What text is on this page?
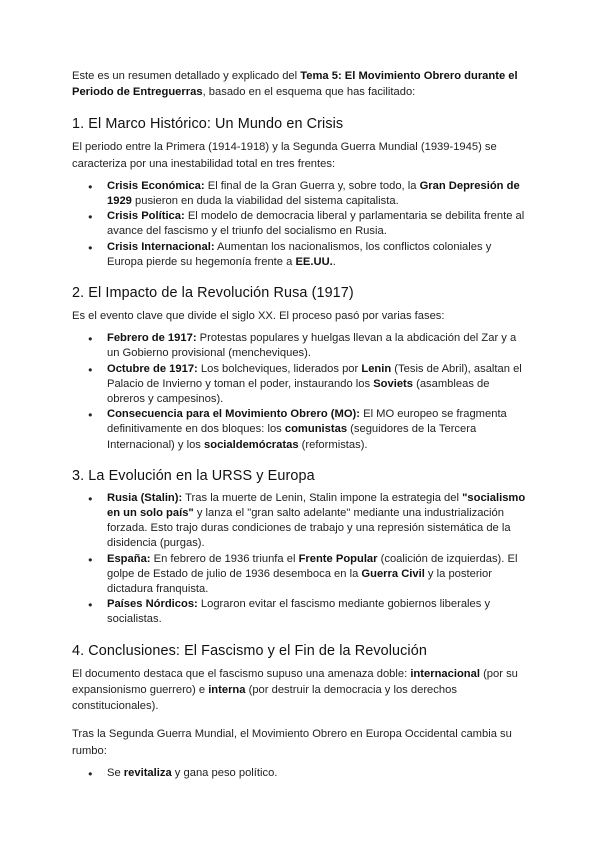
Este es un resumen detallado y explicado del Tema 5: El Movimiento Obrero durante el Periodo de Entreguerras, basado en el esquema que has facilitado:

1. El Marco Histórico: Un Mundo en Crisis

El periodo entre la Primera (1914-1918) y la Segunda Guerra Mundial (1939-1945) se caracteriza por una inestabilidad total en tres frentes:

● Crisis Económica: El final de la Gran Guerra y, sobre todo, la Gran Depresión de 1929 pusieron en duda la viabilidad del sistema capitalista.
● Crisis Política: El modelo de democracia liberal y parlamentaria se debilita frente al avance del fascismo y el triunfo del socialismo en Rusia.
● Crisis Internacional: Aumentan los nacionalismos, los conflictos coloniales y Europa pierde su hegemonía frente a EE.UU..
2. El Impacto de la Revolución Rusa (1917)

Es el evento clave que divide el siglo XX. El proceso pasó por varias fases:

● Febrero de 1917: Protestas populares y huelgas llevan a la abdicación del Zar y a un Gobierno provisional (mencheviques).
● Octubre de 1917: Los bolcheviques, liderados por Lenin (Tesis de Abril), asaltan el Palacio de Invierno y toman el poder, instaurando los Soviets (asambleas de obreros y campesinos).
● Consecuencia para el Movimiento Obrero (MO): El MO europeo se fragmenta definitivamente en dos bloques: los comunistas (seguidores de la Tercera Internacional) y los socialdemócratas (reformistas).
3. La Evolución en la URSS y Europa
● Rusia (Stalin): Tras la muerte de Lenin, Stalin impone la estrategia del "socialismo en un solo país" y lanza el "gran salto adelante" mediante una industrialización forzada. Esto trajo duras condiciones de trabajo y una represión sistemática de la disidencia (purgas).
● España: En febrero de 1936 triunfa el Frente Popular (coalición de izquierdas). El golpe de Estado de julio de 1936 desemboca en la Guerra Civil y la posterior dictadura franquista.
● Países Nórdicos: Lograron evitar el fascismo mediante gobiernos liberales y socialistas.
4. Conclusiones: El Fascismo y el Fin de la Revolución

El documento destaca que el fascismo supuso una amenaza doble: internacional (por su expansionismo guerrero) e interna (por destruir la democracia y los derechos constitucionales).

Tras la Segunda Guerra Mundial, el Movimiento Obrero en Europa Occidental cambia su rumbo:

● Se revitaliza y gana peso político.
